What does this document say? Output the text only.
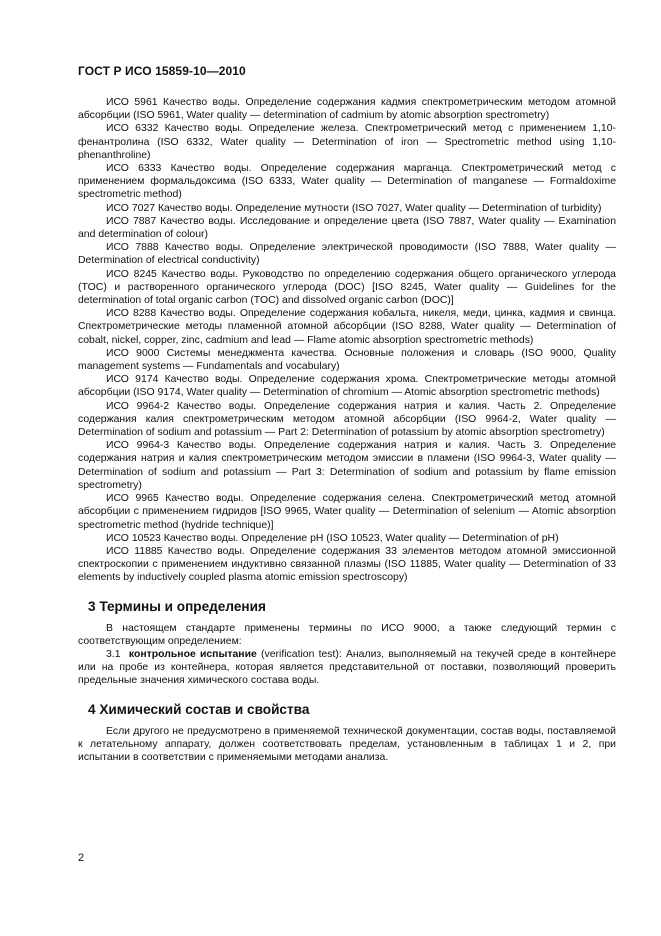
ГОСТ Р ИСО 15859-10—2010

ИСО 5961 Качество воды. Определение содержания кадмия спектрометрическим методом атомной абсорбции (ISO 5961, Water quality — determination of cadmium by atomic absorption spectrometry)

ИСО 6332 Качество воды. Определение железа. Спектрометрический метод с применением 1,10-фенантролина (ISO 6332, Water quality — Determination of iron — Spectrometric method using 1,10-phenanthroline)

ИСО 6333 Качество воды. Определение содержания марганца. Спектрометрический метод с применением формальдоксима (ISO 6333, Water quality — Determination of manganese — Formaldoxime spectrometric method)

ИСО 7027 Качество воды. Определение мутности (ISO 7027, Water quality — Determination of turbidity)

ИСО 7887 Качество воды. Исследование и определение цвета (ISO 7887, Water quality — Examination and determination of colour)

ИСО 7888 Качество воды. Определение электрической проводимости (ISO 7888, Water quality — Determination of electrical conductivity)

ИСО 8245 Качество воды. Руководство по определению содержания общего органического углерода (TOC) и растворенного органического углерода (DOC) [ISO 8245, Water quality — Guidelines for the determination of total organic carbon (TOC) and dissolved organic carbon (DOC)]

ИСО 8288 Качество воды. Определение содержания кобальта, никеля, меди, цинка, кадмия и свинца. Спектрометрические методы пламенной атомной абсорбции (ISO 8288, Water quality — Determination of cobalt, nickel, copper, zinc, cadmium and lead — Flame atomic absorption spectrometric methods)

ИСО 9000 Системы менеджмента качества. Основные положения и словарь (ISO 9000, Quality management systems — Fundamentals and vocabulary)

ИСО 9174 Качество воды. Определение содержания хрома. Спектрометрические методы атомной абсорбции (ISO 9174, Water quality — Determination of chromium — Atomic absorption spectrometric methods)

ИСО 9964-2 Качество воды. Определение содержания натрия и калия. Часть 2. Определение содержания калия спектрометрическим методом атомной абсорбции (ISO 9964-2, Water quality — Determination of sodium and potassium — Part 2: Determination of potassium by atomic absorption spectrometry)

ИСО 9964-3 Качество воды. Определение содержания натрия и калия. Часть 3. Определение содержания натрия и калия спектрометрическим методом эмиссии в пламени (ISO 9964-3, Water quality — Determination of sodium and potassium — Part 3: Determination of sodium and potassium by flame emission spectrometry)

ИСО 9965 Качество воды. Определение содержания селена. Спектрометрический метод атомной абсорбции с применением гидридов [ISO 9965, Water quality — Determination of selenium — Atomic absorption spectrometric method (hydride technique)]

ИСО 10523 Качество воды. Определение pH (ISO 10523, Water quality — Determination of pH)

ИСО 11885 Качество воды. Определение содержания 33 элементов методом атомной эмиссионной спектроскопии с применением индуктивно связанной плазмы (ISO 11885, Water quality — Determination of 33 elements by inductively coupled plasma atomic emission spectroscopy)

3 Термины и определения

В настоящем стандарте применены термины по ИСО 9000, а также следующий термин с соответствующим определением:

3.1 контрольное испытание (verification test): Анализ, выполняемый на текучей среде в контейнере или на пробе из контейнера, которая является представительной от поставки, позволяющий проверить предельные значения химического состава воды.

4 Химический состав и свойства

Если другого не предусмотрено в применяемой технической документации, состав воды, поставляемой к летательному аппарату, должен соответствовать пределам, установленным в таблицах 1 и 2, при испытании в соответствии с применяемыми методами анализа.

2
